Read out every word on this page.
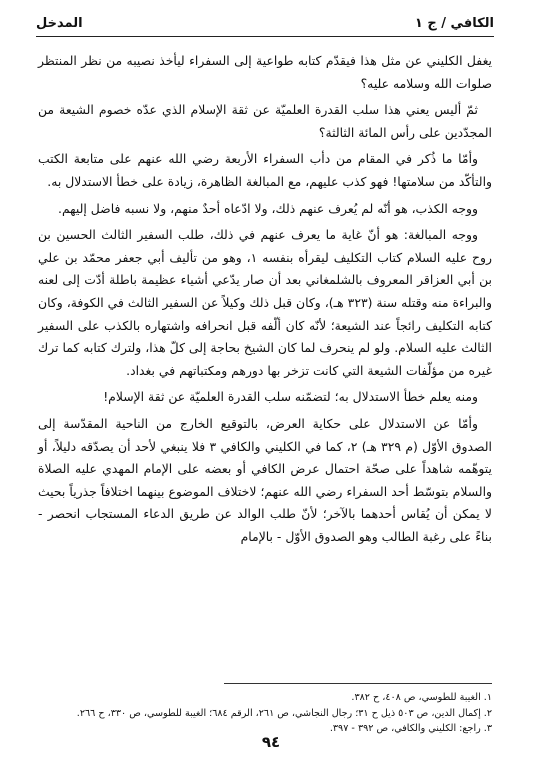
الكافي / ج ١
المدخل

يغفل الكليني عن مثل هذا فيقدّم كتابه طواعية إلى السفراء ليأخذ نصيبه من نظر المنتظر صلوات الله وسلامه عليه؟

ثمّ أليس يعني هذا سلب القدرة العلميّة عن ثقة الإسلام الذي عدّه خصوم الشيعة من المجدّدين على رأس المائة الثالثة؟

وأمّا ما ذُكر في المقام من دأب السفراء الأربعة رضي الله عنهم على متابعة الكتب والتأكّد من سلامتها! فهو كذب عليهم، مع المبالغة الظاهرة، زيادة على خطأ الاستدلال به.

ووجه الكذب، هو أنّه لم يُعرف عنهم ذلك، ولا ادّعاه أحدٌ منهم، ولا نسبه فاضل إليهم.

ووجه المبالغة: هو أنّ غاية ما يعرف عنهم في ذلك، طلب السفير الثالث الحسين بن روح عليه السلام كتاب التكليف ليقرأه بنفسه ١، وهو من تأليف أبي جعفر محمّد بن علي بن أبي العزاقر المعروف بالشلمغاني بعد أن صار يدّعي أشياء عظيمة باطلة أدّت إلى لعنه والبراءة منه وقتله سنة (٣٢٣ هـ)، وكان قبل ذلك وكيلاً عن السفير الثالث في الكوفة، وكان كتابه التكليف رائجاً عند الشيعة؛ لأنّه كان ألّفه قبل انحرافه واشتهاره بالكذب على السفير الثالث عليه السلام. ولو لم ينحرف لما كان الشيخ بحاجة إلى كلّ هذا، ولترك كتابه كما ترك غيره من مؤلّفات الشيعة التي كانت تزخر بها دورهم ومكتباتهم في بغداد.

ومنه يعلم خطأ الاستدلال به؛ لتضمّنه سلب القدرة العلميّة عن ثقة الإسلام!

وأمّا عن الاستدلال على حكاية العرض، بالتوقيع الخارج من الناحية المقدّسة إلى الصدوق الأوّل (م ٣٢٩ هـ) ٢، كما في الكليني والكافي ٣ فلا ينبغي لأحد أن يصدّقه دليلاً، أو يتوهّمه شاهداً على صحّة احتمال عرض الكافي أو بعضه على الإمام المهدي عليه الصلاة والسلام بتوسّط أحد السفراء رضي الله عنهم؛ لاختلاف الموضوع بينهما اختلافاً جذرياً بحيث لا يمكن أن يُقاس أحدهما بالآخر؛ لأنّ طلب الوالد عن طريق الدعاء المستجاب انحصر - بناءً على رغبة الطالب وهو الصدوق الأوّل - بالإمام

١. الغيبة للطوسي، ص ٤٠٨، ح ٣٨٢.
٢. إكمال الدين، ص ٥٠٣ ذيل ح ٣١؛ رجال النجاشي، ص ٢٦١، الرقم ٦٨٤؛ الغيبة للطوسي، ص ٣٣٠، ح ٢٦٦.
٣. راجع: الكليني والكافي، ص ٣٩٢ - ٣٩٧.
٩٤
